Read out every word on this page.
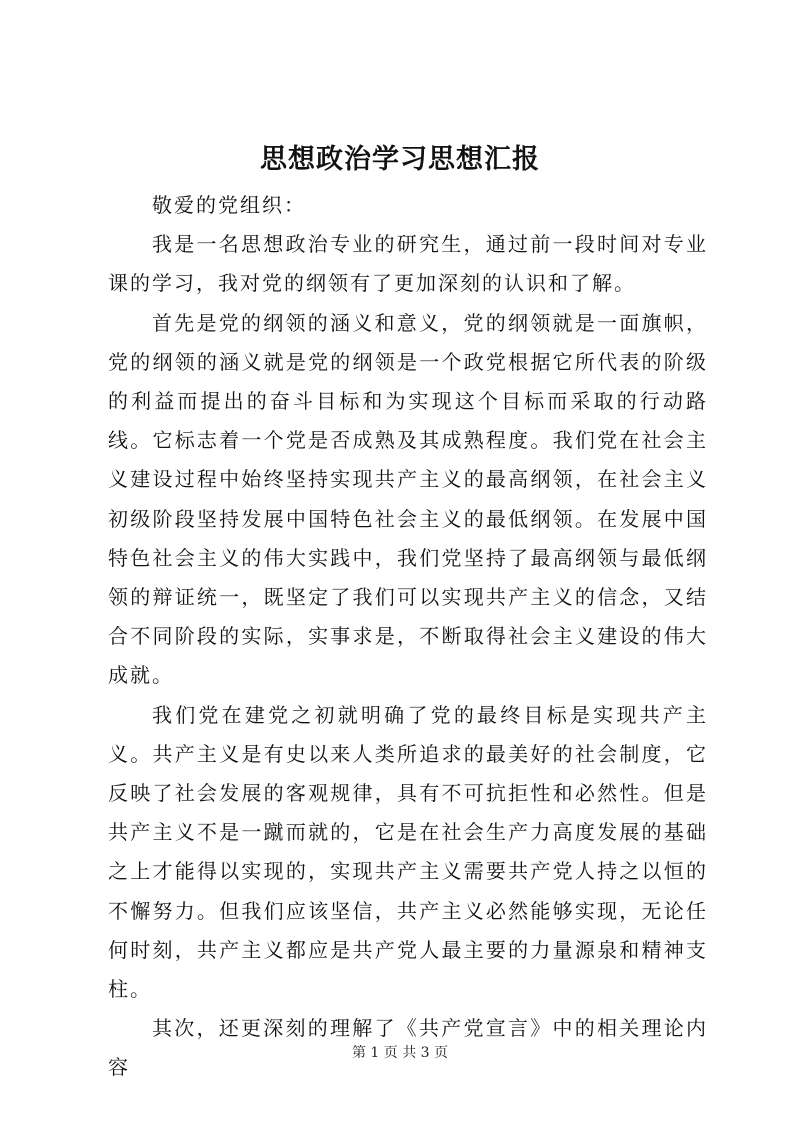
思想政治学习思想汇报

敬爱的党组织：

我是一名思想政治专业的研究生，通过前一段时间对专业课的学习，我对党的纲领有了更加深刻的认识和了解。

首先是党的纲领的涵义和意义，党的纲领就是一面旗帜，党的纲领的涵义就是党的纲领是一个政党根据它所代表的阶级的利益而提出的奋斗目标和为实现这个目标而采取的行动路线。它标志着一个党是否成熟及其成熟程度。我们党在社会主义建设过程中始终坚持实现共产主义的最高纲领，在社会主义初级阶段坚持发展中国特色社会主义的最低纲领。在发展中国特色社会主义的伟大实践中，我们党坚持了最高纲领与最低纲领的辩证统一，既坚定了我们可以实现共产主义的信念，又结合不同阶段的实际，实事求是，不断取得社会主义建设的伟大成就。

我们党在建党之初就明确了党的最终目标是实现共产主义。共产主义是有史以来人类所追求的最美好的社会制度，它反映了社会发展的客观规律，具有不可抗拒性和必然性。但是共产主义不是一蹴而就的，它是在社会生产力高度发展的基础之上才能得以实现的，实现共产主义需要共产党人持之以恒的不懈努力。但我们应该坚信，共产主义必然能够实现，无论任何时刻，共产主义都应是共产党人最主要的力量源泉和精神支柱。

其次，还更深刻的理解了《共产党宣言》中的相关理论内容

第 1 页 共 3 页
